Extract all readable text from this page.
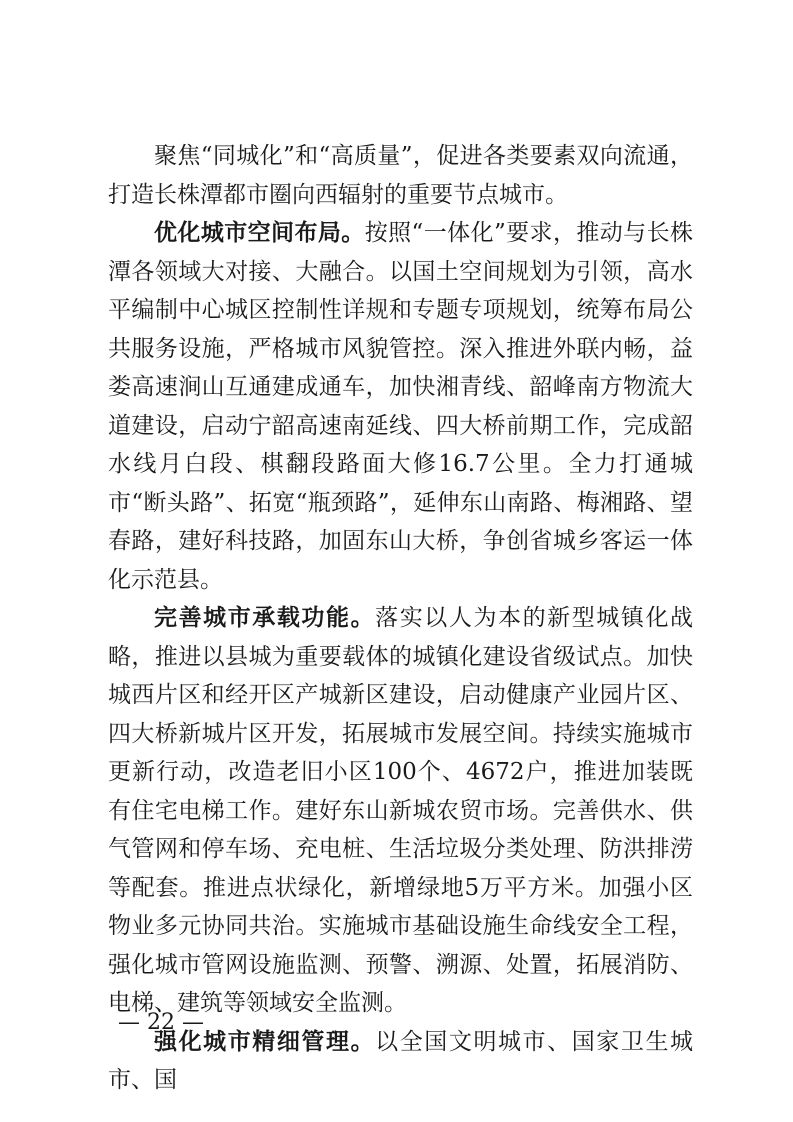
聚焦“同城化”和“高质量”，促进各类要素双向流通，打造长株潭都市圈向西辐射的重要节点城市。

优化城市空间布局。按照“一体化”要求，推动与长株潭各领域大对接、大融合。以国土空间规划为引领，高水平编制中心城区控制性详规和专题专项规划，统筹布局公共服务设施，严格城市风貌管控。深入推进外联内畅，益娄高速涧山互通建成通车，加快湘青线、韶峰南方物流大道建设，启动宁韶高速南延线、四大桥前期工作，完成韶水线月白段、棋翻段路面大修16.7公里。全力打通城市“断头路”、拓宽“瓶颈路”，延伸东山南路、梅湘路、望春路，建好科技路，加固东山大桥，争创省城乡客运一体化示范县。

完善城市承载功能。落实以人为本的新型城镇化战略，推进以县城为重要载体的城镇化建设省级试点。加快城西片区和经开区产城新区建设，启动健康产业园片区、四大桥新城片区开发，拓展城市发展空间。持续实施城市更新行动，改造老旧小区100个、4672户，推进加装既有住宅电梯工作。建好东山新城农贸市场。完善供水、供气管网和停车场、充电桩、生活垃圾分类处理、防洪排涝等配套。推进点状绿化，新增绿地5万平方米。加强小区物业多元协同共治。实施城市基础设施生命线安全工程，强化城市管网设施监测、预警、溯源、处置，拓展消防、电梯、建筑等领域安全监测。

强化城市精细管理。以全国文明城市、国家卫生城市、国

— 22 —
